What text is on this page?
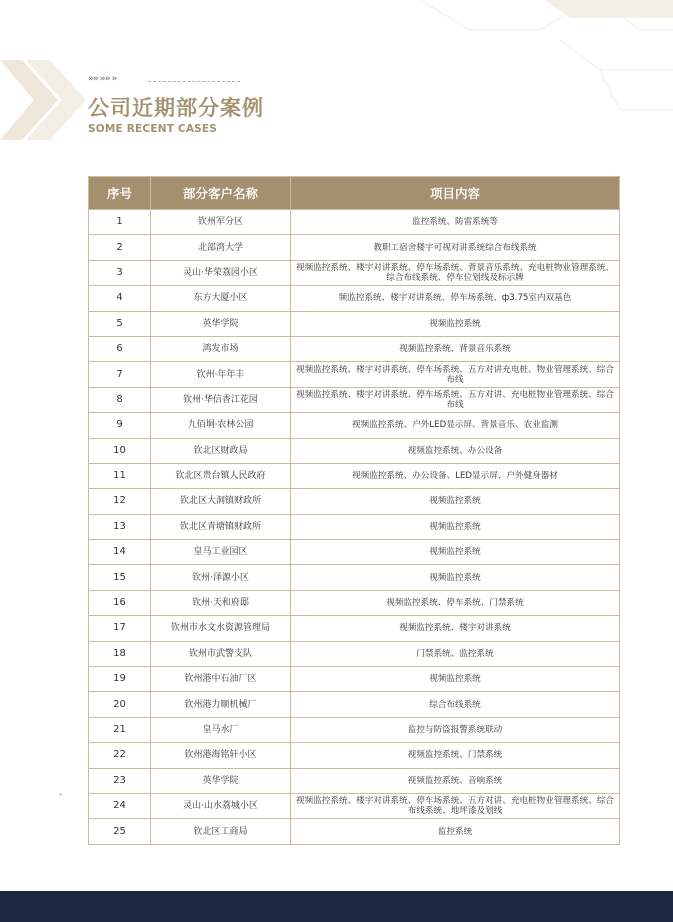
»» »» »
公司近期部分案例
SOME RECENT CASES
序号	部分客户名称	项目内容
1	钦州军分区	监控系统、防雷系统等
2	北部湾大学	教职工宿舍楼宇可视对讲系统综合布线系统
3	灵山·华荣荔园小区	视频监控系统、楼宇对讲系统、停车场系统、背景音乐系统、充电桩物业管理系统、综合布线系统、停车位划线及标示牌
4	东方大厦小区	频监控系统、楼宇对讲系统、停车场系统、ф3.75室内双基色
5	英华学院	视频监控系统
6	鸿发市场	视频监控系统、背景音乐系统
7	钦州·年年丰	视频监控系统、楼宇对讲系统、停车场系统、五方对讲充电桩、物业管理系统、综合布线
8	钦州·华信香江花园	视频监控系统、楼宇对讲系统、停车场系统、五方对讲、充电桩物业管理系统、综合布线
9	九佰垌·农林公园	视频监控系统、户外LED显示屏、背景音乐、农业监测
10	钦北区财政局	视频监控系统、办公设备
11	钦北区贵台镇人民政府	视频监控系统、办公设备、LED显示屏、户外健身器材
12	钦北区大洞镇财政所	视频监控系统
13	钦北区青塘镇财政所	视频监控系统
14	皇马工业园区	视频监控系统
15	钦州·泽源小区	视频监控系统
16	钦州·天和府邸	视频监控系统、停车系统、门禁系统
17	钦州市水文水资源管理局	视频监控系统、楼宇对讲系统
18	钦州市武警支队	门禁系统、监控系统
19	钦州港中石油厂区	视频监控系统
20	钦州港力顺机械厂	综合布线系统
21	皇马水厂	监控与防盗报警系统联动
22	钦州港海铭轩小区	视频监控系统、门禁系统
23	英华学院	视频监控系统、音响系统
24	灵山·山水荔城小区	视频监控系统、楼宇对讲系统、停车场系统、五方对讲、充电桩物业管理系统、综合布线系统、地坪漆及划线
25	钦北区工商局	监控系统
